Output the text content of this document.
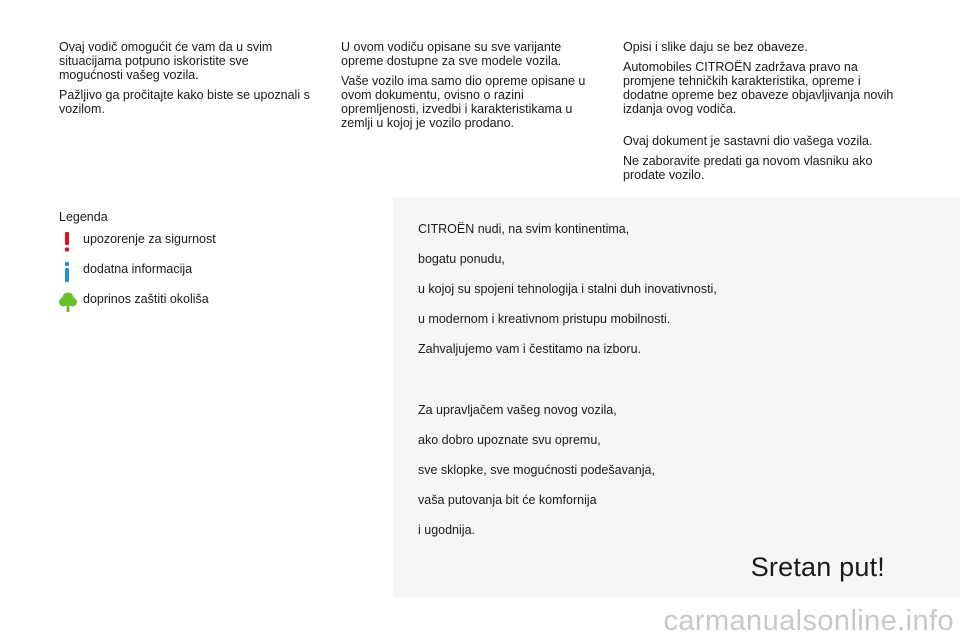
Ovaj vodič omogućit će vam da u svim situacijama potpuno iskoristite sve mogućnosti vašeg vozila.

Pažljivo ga pročitajte kako biste se upoznali s vozilom.

U ovom vodiču opisane su sve varijante opreme dostupne za sve modele vozila.

Vaše vozilo ima samo dio opreme opisane u ovom dokumentu, ovisno o razini opremljenosti, izvedbi i karakteristikama u zemlji u kojoj je vozilo prodano.

Opisi i slike daju se bez obaveze.

Automobiles CITROËN zadržava pravo na promjene tehničkih karakteristika, opreme i dodatne opreme bez obaveze objavljivanja novih izdanja ovog vodiča.

Ovaj dokument je sastavni dio vašega vozila.

Ne zaboravite predati ga novom vlasniku ako prodate vozilo.

Legenda

upozorenje za sigurnost
dodatna informacija
doprinos zaštiti okoliša

CITROËN nudi, na svim kontinentima,

bogatu ponudu,

u kojoj su spojeni tehnologija i stalni duh inovativnosti,

u modernom i kreativnom pristupu mobilnosti.

Zahvaljujemo vam i čestitamo na izboru.

Za upravljačem vašeg novog vozila,

ako dobro upoznate svu opremu,

sve sklopke, sve mogućnosti podešavanja,

vaša putovanja bit će komfornija

i ugodnija.

Sretan put!
carmanualsonline.info
